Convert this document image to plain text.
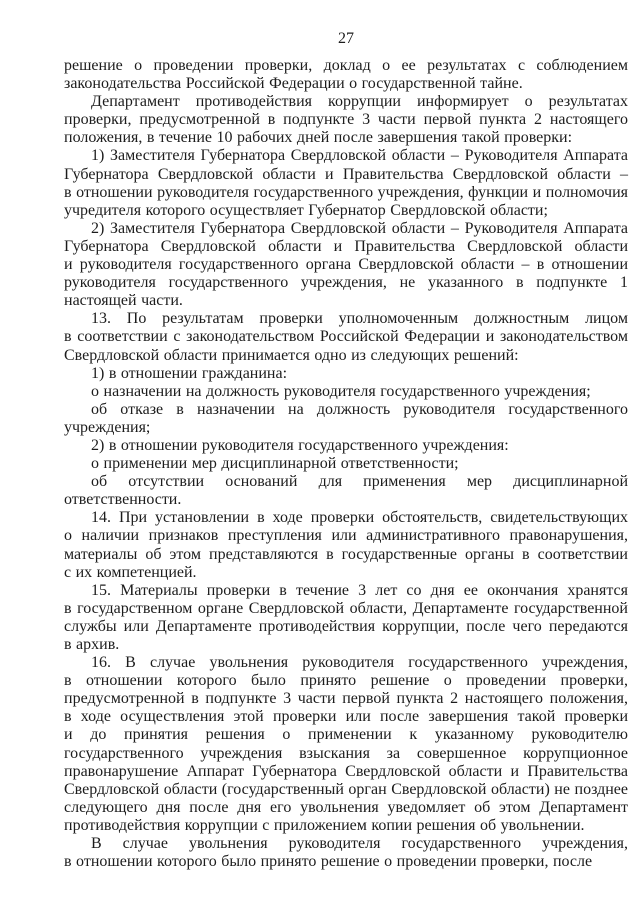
27

решение о проведении проверки, доклад о ее результатах с соблюдением законодательства Российской Федерации о государственной тайне.

Департамент противодействия коррупции информирует о результатах проверки, предусмотренной в подпункте 3 части первой пункта 2 настоящего положения, в течение 10 рабочих дней после завершения такой проверки:

1) Заместителя Губернатора Свердловской области – Руководителя Аппарата Губернатора Свердловской области и Правительства Свердловской области – в отношении руководителя государственного учреждения, функции и полномочия учредителя которого осуществляет Губернатор Свердловской области;

2) Заместителя Губернатора Свердловской области – Руководителя Аппарата Губернатора Свердловской области и Правительства Свердловской области и руководителя государственного органа Свердловской области – в отношении руководителя государственного учреждения, не указанного в подпункте 1 настоящей части.

13. По результатам проверки уполномоченным должностным лицом в соответствии с законодательством Российской Федерации и законодательством Свердловской области принимается одно из следующих решений:

1) в отношении гражданина:

о назначении на должность руководителя государственного учреждения;

об отказе в назначении на должность руководителя государственного учреждения;

2) в отношении руководителя государственного учреждения:

о применении мер дисциплинарной ответственности;

об отсутствии оснований для применения мер дисциплинарной ответственности.

14. При установлении в ходе проверки обстоятельств, свидетельствующих о наличии признаков преступления или административного правонарушения, материалы об этом представляются в государственные органы в соответствии с их компетенцией.

15. Материалы проверки в течение 3 лет со дня ее окончания хранятся в государственном органе Свердловской области, Департаменте государственной службы или Департаменте противодействия коррупции, после чего передаются в архив.

16. В случае увольнения руководителя государственного учреждения, в отношении которого было принято решение о проведении проверки, предусмотренной в подпункте 3 части первой пункта 2 настоящего положения, в ходе осуществления этой проверки или после завершения такой проверки и до принятия решения о применении к указанному руководителю государственного учреждения взыскания за совершенное коррупционное правонарушение Аппарат Губернатора Свердловской области и Правительства Свердловской области (государственный орган Свердловской области) не позднее следующего дня после дня его увольнения уведомляет об этом Департамент противодействия коррупции с приложением копии решения об увольнении.

В случае увольнения руководителя государственного учреждения, в отношении которого было принято решение о проведении проверки, после
